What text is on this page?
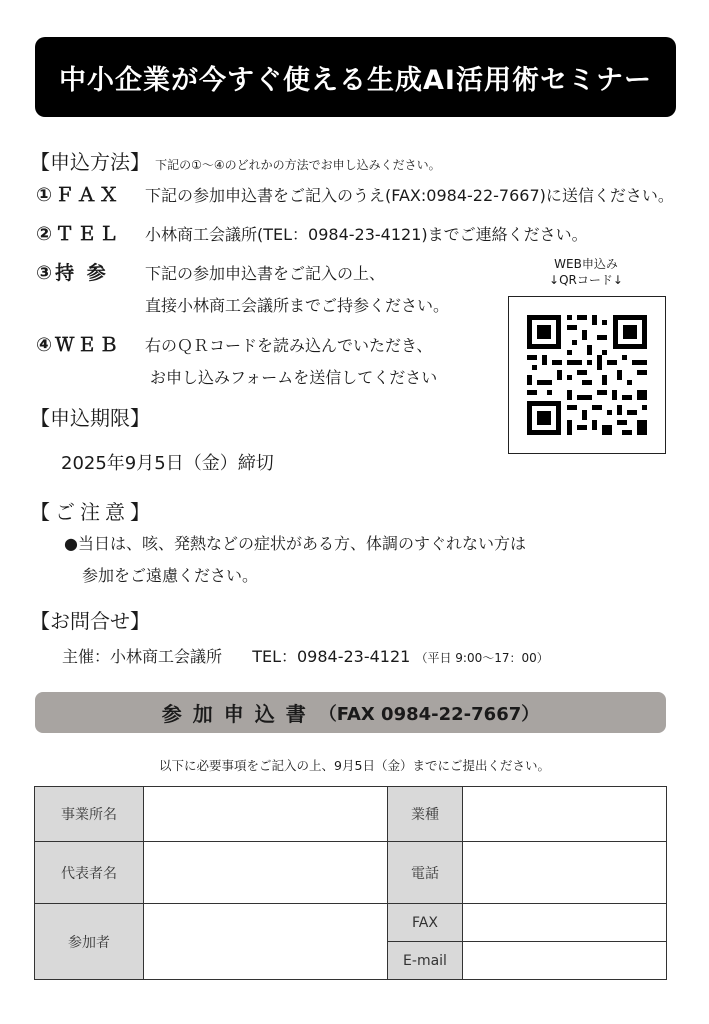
中小企業が今すぐ使える生成AI活用術セミナー
【申込方法】 下記の①～④のどれかの方法でお申し込みください。
①ＦＡＸ 下記の参加申込書をご記入のうえ(FAX:0984-22-7667)に送信ください。
②ＴＥＬ 小林商工会議所(TEL：0984-23-4121)までご連絡ください。
③持 参 下記の参加申込書をご記入の上、
直接小林商工会議所までご持参ください。
④ＷＥＢ 右のＱＲコードを読み込んでいただき、
お申し込みフォームを送信してください
WEB申込み
↓QRコード↓
【申込期限】
2025年9月5日（金）締切
【ご注意】
●当日は、咳、発熱などの症状がある方、体調のすぐれない方は
参加をご遠慮ください。
【お問合せ】
主催：小林商工会議所 TEL：0984-23-4121 （平日 9:00～17：00）
参加申込書 （FAX 0984-22-7667）
以下に必要事項をご記入の上、9月5日（金）までにご提出ください。
事業所名		業種	
代表者名		電話	
参加者		FAX	
		E-mail	
